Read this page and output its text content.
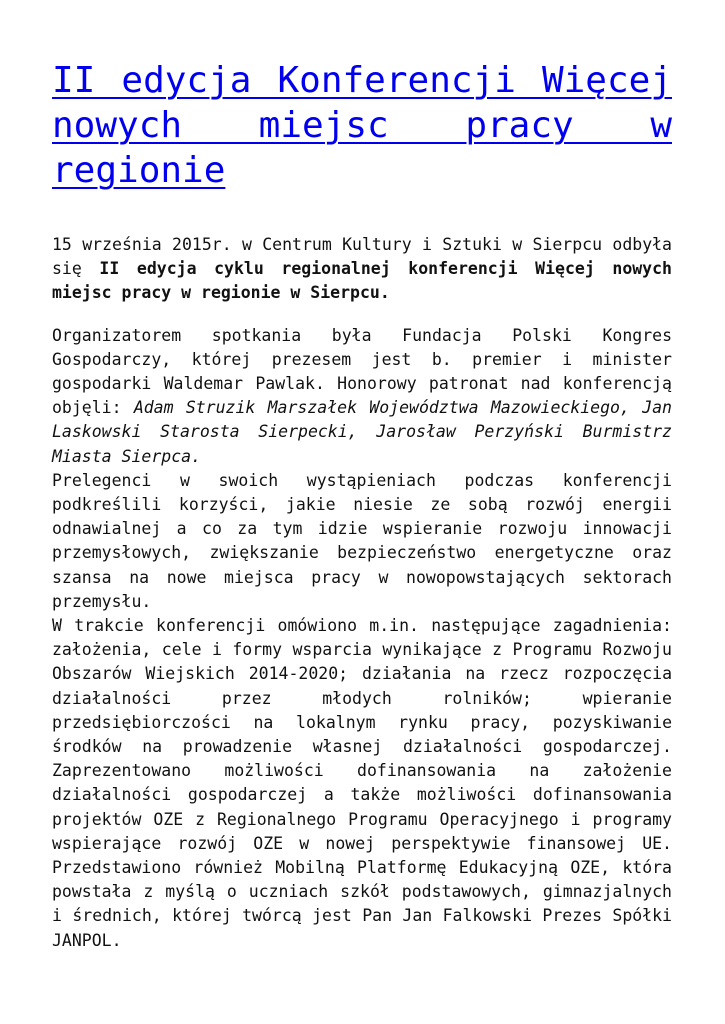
II edycja Konferencji Więcej nowych miejsc pracy w regionie

15 września 2015r. w Centrum Kultury i Sztuki w Sierpcu odbyła się II edycja cyklu regionalnej konferencji Więcej nowych miejsc pracy w regionie w Sierpcu.

Organizatorem spotkania była Fundacja Polski Kongres Gospodarczy, której prezesem jest b. premier i minister gospodarki Waldemar Pawlak. Honorowy patronat nad konferencją objęli: Adam Struzik Marszałek Województwa Mazowieckiego, Jan Laskowski Starosta Sierpecki, Jarosław Perzyński Burmistrz Miasta Sierpca.

Prelegenci w swoich wystąpieniach podczas konferencji podkreślili korzyści, jakie niesie ze sobą rozwój energii odnawialnej a co za tym idzie wspieranie rozwoju innowacji przemysłowych, zwiększanie bezpieczeństwo energetyczne oraz szansa na nowe miejsca pracy w nowopowstających sektorach przemysłu.

W trakcie konferencji omówiono m.in. następujące zagadnienia: założenia, cele i formy wsparcia wynikające z Programu Rozwoju Obszarów Wiejskich 2014-2020; działania na rzecz rozpoczęcia działalności przez młodych rolników; wpieranie przedsiębiorczości na lokalnym rynku pracy, pozyskiwanie środków na prowadzenie własnej działalności gospodarczej. Zaprezentowano możliwości dofinansowania na założenie działalności gospodarczej a także możliwości dofinansowania projektów OZE z Regionalnego Programu Operacyjnego i programy wspierające rozwój OZE w nowej perspektywie finansowej UE. Przedstawiono również Mobilną Platformę Edukacyjną OZE, która powstała z myślą o uczniach szkół podstawowych, gimnazjalnych i średnich, której twórcą jest Pan Jan Falkowski Prezes Spółki JANPOL.
